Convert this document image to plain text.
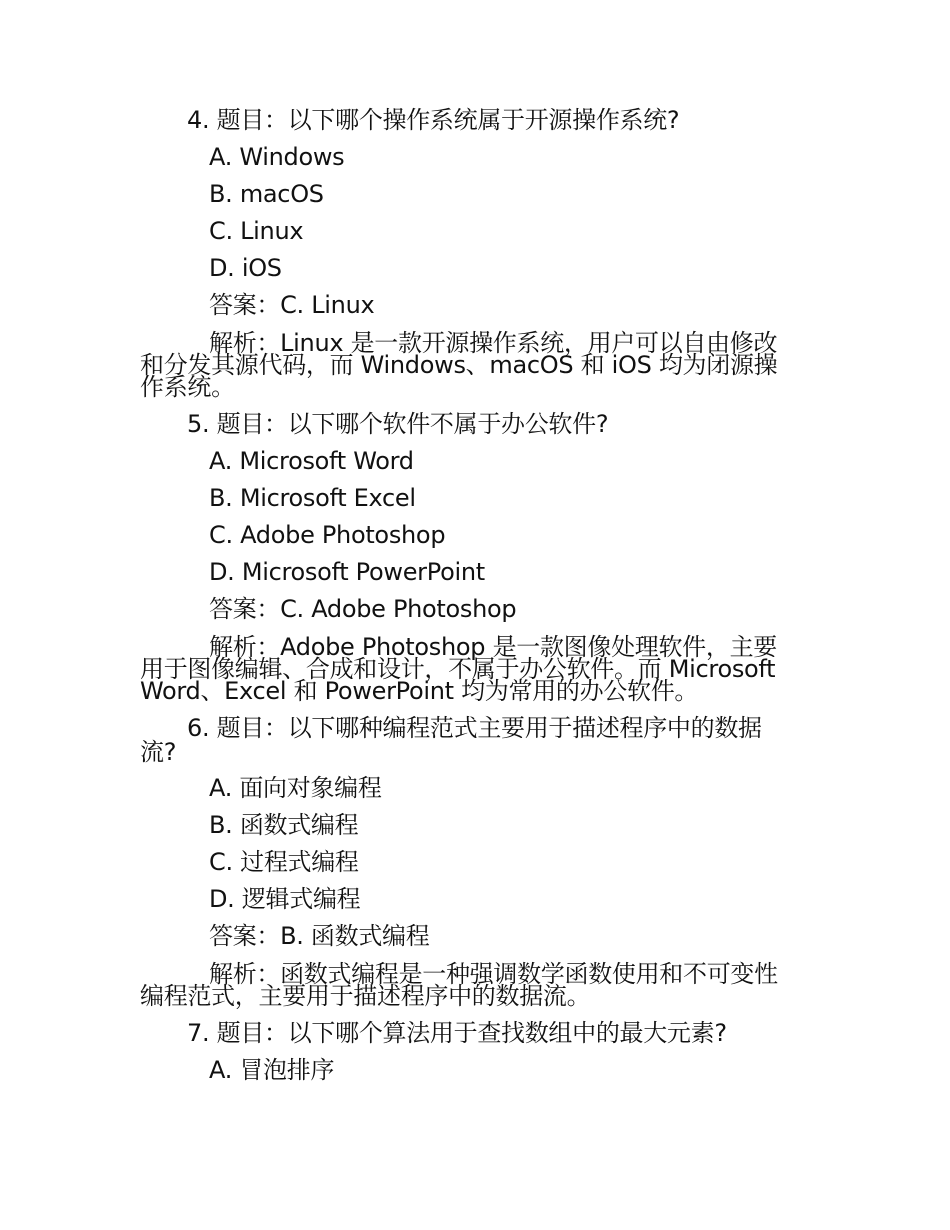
4. 题目：以下哪个操作系统属于开源操作系统?
A. Windows
B. macOS
C. Linux
D. iOS
答案：C. Linux
解析：Linux 是一款开源操作系统，用户可以自由修改
和分发其源代码，而 Windows、macOS 和 iOS 均为闭源操
作系统。
5. 题目：以下哪个软件不属于办公软件?
A. Microsoft Word
B. Microsoft Excel
C. Adobe Photoshop
D. Microsoft PowerPoint
答案：C. Adobe Photoshop
解析：Adobe Photoshop 是一款图像处理软件，主要
用于图像编辑、合成和设计，不属于办公软件。而 Microsoft
Word、Excel 和 PowerPoint 均为常用的办公软件。
6. 题目：以下哪种编程范式主要用于描述程序中的数据
流?
A. 面向对象编程
B. 函数式编程
C. 过程式编程
D. 逻辑式编程
答案：B. 函数式编程
解析：函数式编程是一种强调数学函数使用和不可变性
编程范式，主要用于描述程序中的数据流。
7. 题目：以下哪个算法用于查找数组中的最大元素?
A. 冒泡排序
